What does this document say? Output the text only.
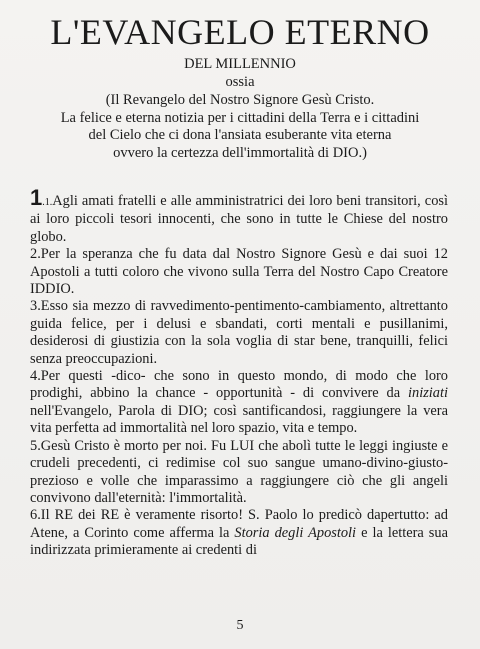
L'EVANGELO ETERNO
DEL MILLENNIO
ossia
(Il Revangelo del Nostro Signore Gesù Cristo.
La felice e eterna notizia per i cittadini della Terra e i cittadini
del Cielo che ci dona l'ansiata esuberante vita eterna
ovvero la certezza dell'immortalità di DIO.)

1.1.Agli amati fratelli e alle amministratrici dei loro beni transitori, così ai loro piccoli tesori innocenti, che sono in tutte le Chiese del nostro globo.

2.Per la speranza che fu data dal Nostro Signore Gesù e dai suoi 12 Apostoli a tutti coloro che vivono sulla Terra del Nostro Capo Creatore IDDIO.

3.Esso sia mezzo di ravvedimento-pentimento-cambiamento, altrettanto guida felice, per i delusi e sbandati, corti mentali e pusillanimi, desiderosi di giustizia con la sola voglia di star bene, tranquilli, felici senza preoccupazioni.

4.Per questi -dico- che sono in questo mondo, di modo che loro prodighi, abbino la chance - opportunità - di convivere da iniziati nell'Evangelo, Parola di DIO; così santificandosi, raggiungere la vera vita perfetta ad immortalità nel loro spazio, vita e tempo.

5.Gesù Cristo è morto per noi. Fu LUI che abolì tutte le leggi ingiuste e crudeli precedenti, ci redimise col suo sangue umano-divino-giusto-prezioso e volle che imparassimo a raggiungere ciò che gli angeli convivono dall'eternità: l'immortalità.

6.Il RE dei RE è veramente risorto! S. Paolo lo predicò dapertutto: ad Atene, a Corinto come afferma la Storia degli Apostoli e la lettera sua indirizzata primieramente ai credenti di

5
